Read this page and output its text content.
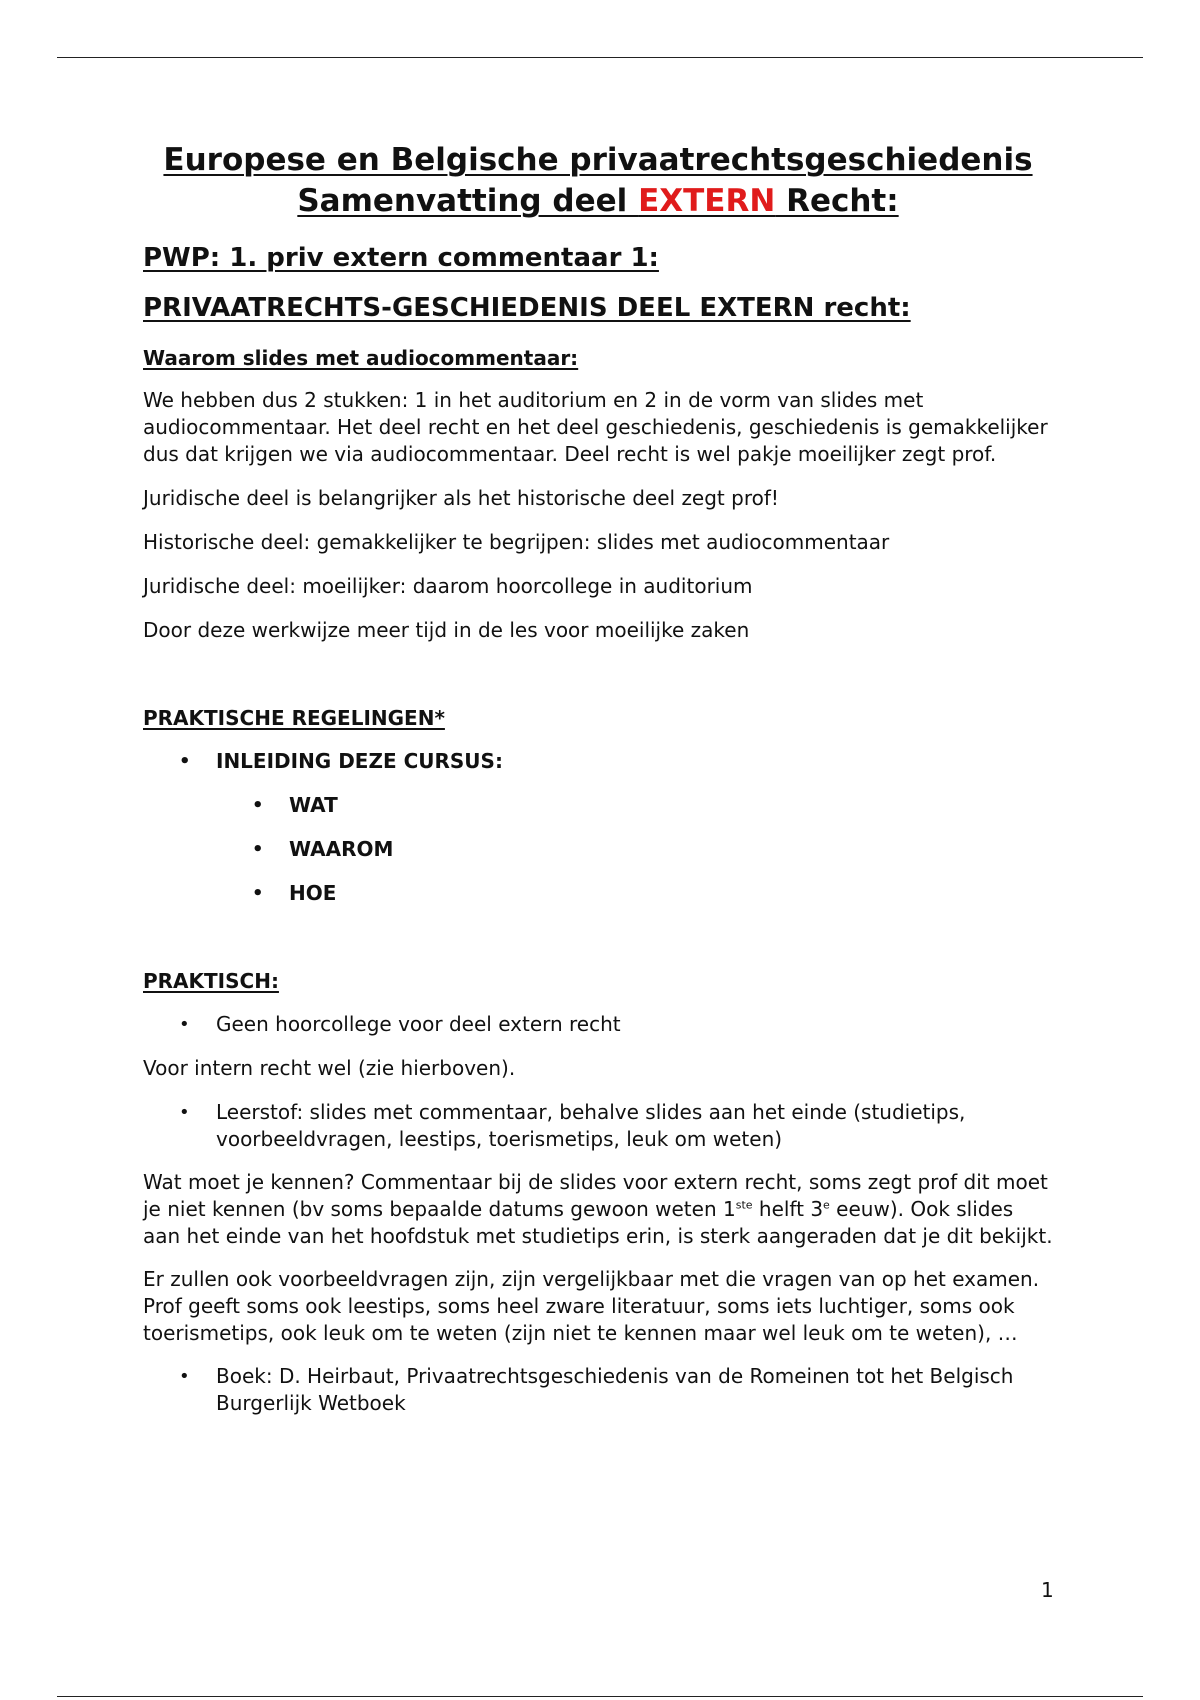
Europese en Belgische privaatrechtsgeschiedenis
Samenvatting deel EXTERN Recht:

PWP: 1. priv extern commentaar 1:
PRIVAATRECHTS-GESCHIEDENIS DEEL EXTERN recht:
Waarom slides met audiocommentaar:

We hebben dus 2 stukken: 1 in het auditorium en 2 in de vorm van slides met audiocommentaar. Het deel recht en het deel geschiedenis, geschiedenis is gemakkelijker dus dat krijgen we via audiocommentaar. Deel recht is wel pakje moeilijker zegt prof.

Juridische deel is belangrijker als het historische deel zegt prof!

Historische deel: gemakkelijker te begrijpen: slides met audiocommentaar

Juridische deel: moeilijker: daarom hoorcollege in auditorium

Door deze werkwijze meer tijd in de les voor moeilijke zaken

PRAKTISCHE REGELINGEN*
• INLEIDING DEZE CURSUS:
• WAT
• WAAROM
• HOE
PRAKTISCH:
• Geen hoorcollege voor deel extern recht

Voor intern recht wel (zie hierboven).

• Leerstof: slides met commentaar, behalve slides aan het einde (studietips, voorbeeldvragen, leestips, toerismetips, leuk om weten)

Wat moet je kennen? Commentaar bij de slides voor extern recht, soms zegt prof dit moet je niet kennen (bv soms bepaalde datums gewoon weten 1ste helft 3e eeuw). Ook slides aan het einde van het hoofdstuk met studietips erin, is sterk aangeraden dat je dit bekijkt.

Er zullen ook voorbeeldvragen zijn, zijn vergelijkbaar met die vragen van op het examen. Prof geeft soms ook leestips, soms heel zware literatuur, soms iets luchtiger, soms ook toerismetips, ook leuk om te weten (zijn niet te kennen maar wel leuk om te weten), …

• Boek: D. Heirbaut, Privaatrechtsgeschiedenis van de Romeinen tot het Belgisch Burgerlijk Wetboek
1
